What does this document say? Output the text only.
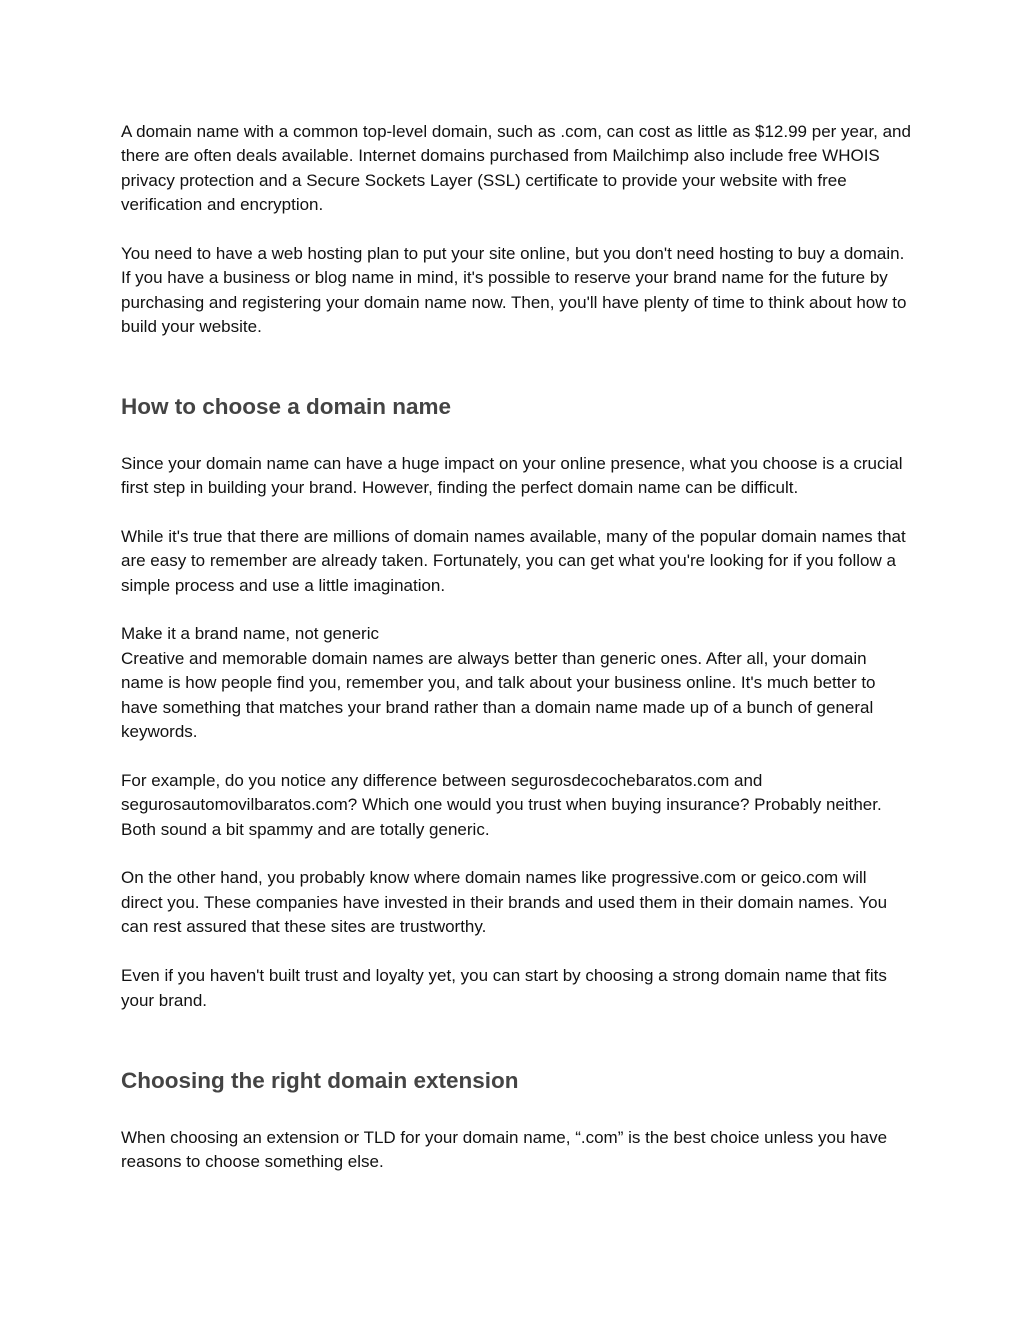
A domain name with a common top-level domain, such as .com, can cost as little as $12.99 per year, and there are often deals available. Internet domains purchased from Mailchimp also include free WHOIS privacy protection and a Secure Sockets Layer (SSL) certificate to provide your website with free verification and encryption.

You need to have a web hosting plan to put your site online, but you don't need hosting to buy a domain. If you have a business or blog name in mind, it's possible to reserve your brand name for the future by purchasing and registering your domain name now. Then, you'll have plenty of time to think about how to build your website.

How to choose a domain name

Since your domain name can have a huge impact on your online presence, what you choose is a crucial first step in building your brand. However, finding the perfect domain name can be difficult.

While it's true that there are millions of domain names available, many of the popular domain names that are easy to remember are already taken. Fortunately, you can get what you're looking for if you follow a simple process and use a little imagination.

Make it a brand name, not generic

Creative and memorable domain names are always better than generic ones. After all, your domain name is how people find you, remember you, and talk about your business online. It's much better to have something that matches your brand rather than a domain name made up of a bunch of general keywords.

For example, do you notice any difference between segurosdecochebaratos.com and segurosautomovilbaratos.com? Which one would you trust when buying insurance? Probably neither. Both sound a bit spammy and are totally generic.

On the other hand, you probably know where domain names like progressive.com or geico.com will direct you. These companies have invested in their brands and used them in their domain names. You can rest assured that these sites are trustworthy.

Even if you haven't built trust and loyalty yet, you can start by choosing a strong domain name that fits your brand.

Choosing the right domain extension

When choosing an extension or TLD for your domain name, “.com” is the best choice unless you have reasons to choose something else.
